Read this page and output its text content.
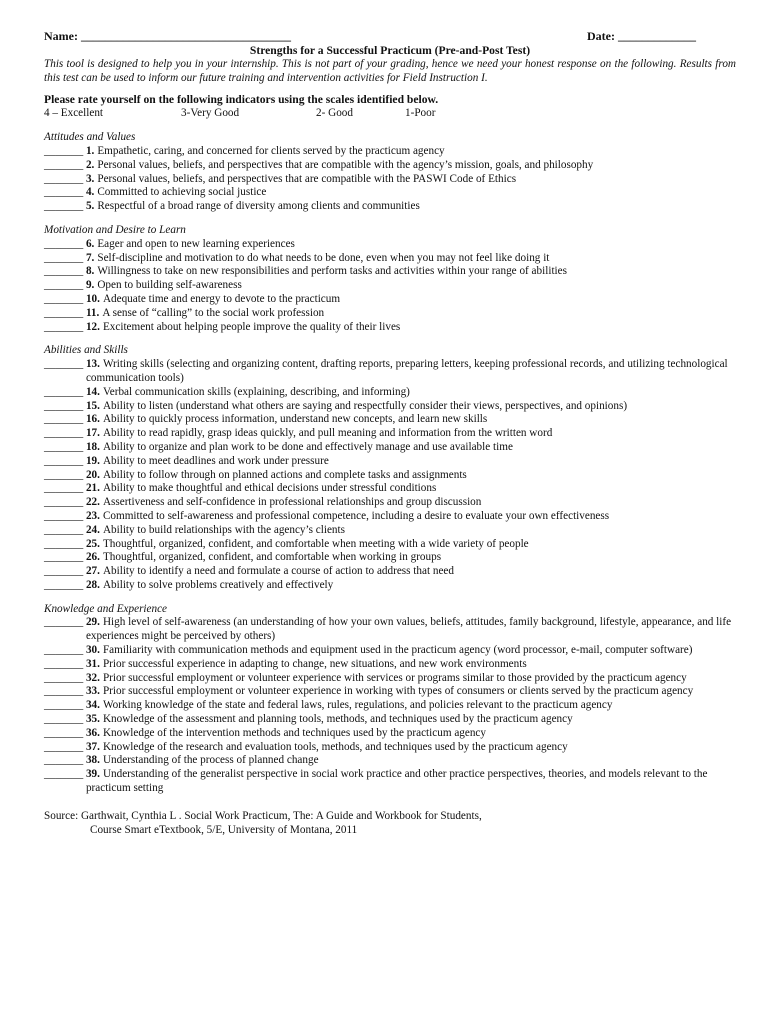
Name: ___________________________________	Date: _____________
Strengths for a Successful Practicum (Pre-and-Post Test)

This tool is designed to help you in your internship. This is not part of your grading, hence we need your honest response on the following. Results from this test can be used to inform our future training and intervention activities for Field Instruction I.

Please rate yourself on the following indicators using the scales identified below.
4 – Excellent	3-Very Good	2- Good	1-Poor
Attitudes and Values
_______ 1. Empathetic, caring, and concerned for clients served by the practicum agency
_______ 2. Personal values, beliefs, and perspectives that are compatible with the agency’s mission, goals, and philosophy
_______ 3. Personal values, beliefs, and perspectives that are compatible with the PASWI Code of Ethics
_______ 4. Committed to achieving social justice
_______ 5. Respectful of a broad range of diversity among clients and communities
Motivation and Desire to Learn
_______ 6. Eager and open to new learning experiences
_______ 7. Self-discipline and motivation to do what needs to be done, even when you may not feel like doing it
_______ 8. Willingness to take on new responsibilities and perform tasks and activities within your range of abilities
_______ 9. Open to building self-awareness
_______ 10. Adequate time and energy to devote to the practicum
_______ 11. A sense of “calling” to the social work profession
_______ 12. Excitement about helping people improve the quality of their lives
Abilities and Skills
_______ 13. Writing skills (selecting and organizing content, drafting reports, preparing letters, keeping professional records, and utilizing technological communication tools)
_______ 14. Verbal communication skills (explaining, describing, and informing)
_______ 15. Ability to listen (understand what others are saying and respectfully consider their views, perspectives, and opinions)
_______ 16. Ability to quickly process information, understand new concepts, and learn new skills
_______ 17. Ability to read rapidly, grasp ideas quickly, and pull meaning and information from the written word
_______ 18. Ability to organize and plan work to be done and effectively manage and use available time
_______ 19. Ability to meet deadlines and work under pressure
_______ 20. Ability to follow through on planned actions and complete tasks and assignments
_______ 21. Ability to make thoughtful and ethical decisions under stressful conditions
_______ 22. Assertiveness and self-confidence in professional relationships and group discussion
_______ 23. Committed to self-awareness and professional competence, including a desire to evaluate your own effectiveness
_______ 24. Ability to build relationships with the agency’s clients
_______ 25. Thoughtful, organized, confident, and comfortable when meeting with a wide variety of people
_______ 26. Thoughtful, organized, confident, and comfortable when working in groups
_______ 27. Ability to identify a need and formulate a course of action to address that need
_______ 28. Ability to solve problems creatively and effectively
Knowledge and Experience
_______ 29. High level of self-awareness (an understanding of how your own values, beliefs, attitudes, family background, lifestyle, appearance, and life experiences might be perceived by others)
_______ 30. Familiarity with communication methods and equipment used in the practicum agency (word processor, e-mail, computer software)
_______ 31. Prior successful experience in adapting to change, new situations, and new work environments
_______ 32. Prior successful employment or volunteer experience with services or programs similar to those provided by the practicum agency
_______ 33. Prior successful employment or volunteer experience in working with types of consumers or clients served by the practicum agency
_______ 34. Working knowledge of the state and federal laws, rules, regulations, and policies relevant to the practicum agency
_______ 35. Knowledge of the assessment and planning tools, methods, and techniques used by the practicum agency
_______ 36. Knowledge of the intervention methods and techniques used by the practicum agency
_______ 37. Knowledge of the research and evaluation tools, methods, and techniques used by the practicum agency
_______ 38. Understanding of the process of planned change
_______ 39. Understanding of the generalist perspective in social work practice and other practice perspectives, theories, and models relevant to the practicum setting
Source: Garthwait, Cynthia L . Social Work Practicum, The: A Guide and Workbook for Students,
Course Smart eTextbook, 5/E, University of Montana, 2011
